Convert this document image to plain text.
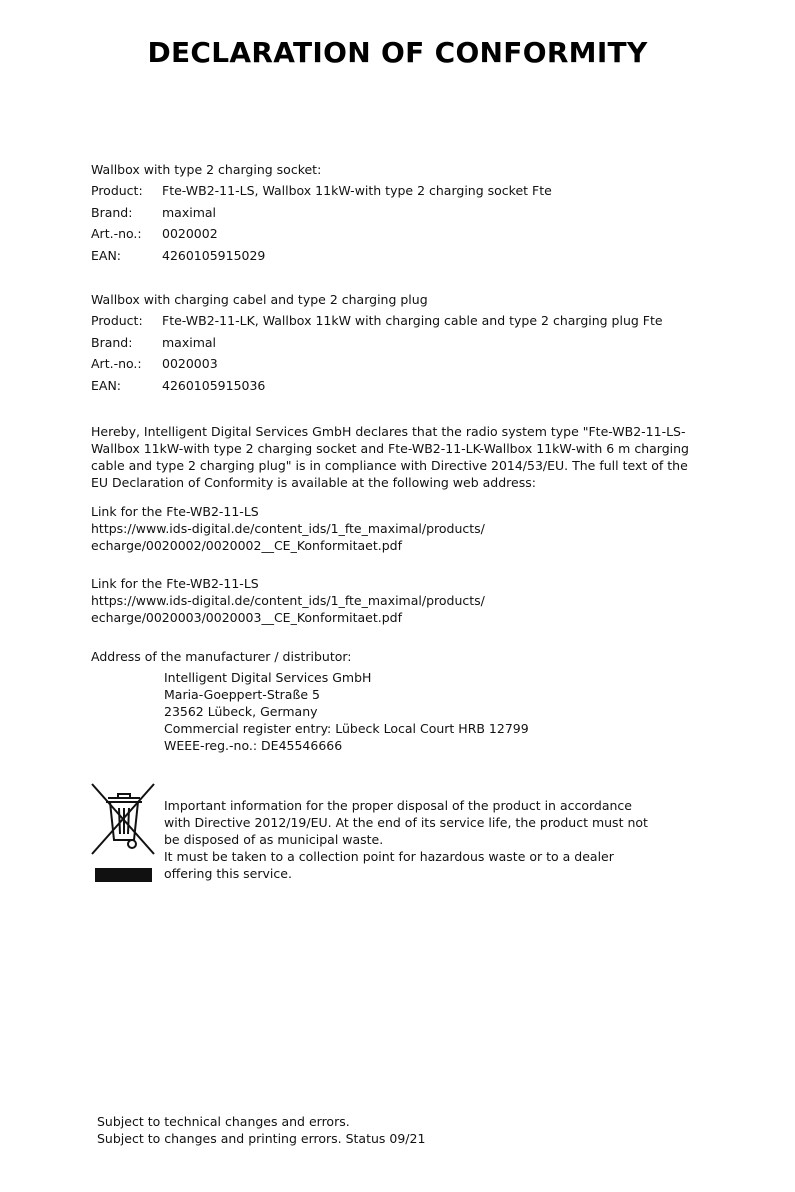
DECLARATION OF CONFORMITY
Wallbox with type 2 charging socket:
Product: Fte-WB2-11-LS, Wallbox 11kW-with type 2 charging socket Fte
Brand: maximal
Art.-no.: 0020002
EAN:	4260105915029
Wallbox with charging cabel and type 2 charging plug
Product: Fte-WB2-11-LK, Wallbox 11kW with charging cable and type 2 charging plug Fte
Brand: maximal
Art.-no.: 0020003
EAN:	4260105915036
Hereby, Intelligent Digital Services GmbH declares that the radio system type "Fte-WB2-11-LS-
Wallbox 11kW-with type 2 charging socket and Fte-WB2-11-LK-Wallbox 11kW-with 6 m charging
cable and type 2 charging plug" is in compliance with Directive 2014/53/EU. The full text of the
EU Declaration of Conformity is available at the following web address:
Link for the Fte-WB2-11-LS
https://www.ids-digital.de/content_ids/1_fte_maximal/products/
echarge/0020002/0020002__CE_Konformitaet.pdf
Link for the Fte-WB2-11-LS
https://www.ids-digital.de/content_ids/1_fte_maximal/products/
echarge/0020003/0020003__CE_Konformitaet.pdf
Address of the manufacturer / distributor:
Intelligent Digital Services GmbH
Maria-Goeppert-Straße 5
23562 Lübeck, Germany
Commercial register entry: Lübeck Local Court HRB 12799
WEEE-reg.-no.: DE45546666
Important information for the proper disposal of the product in accordance
with Directive 2012/19/EU. At the end of its service life, the product must not
be disposed of as municipal waste.
It must be taken to a collection point for hazardous waste or to a dealer
offering this service.
Subject to technical changes and errors.
Subject to changes and printing errors. Status 09/21
